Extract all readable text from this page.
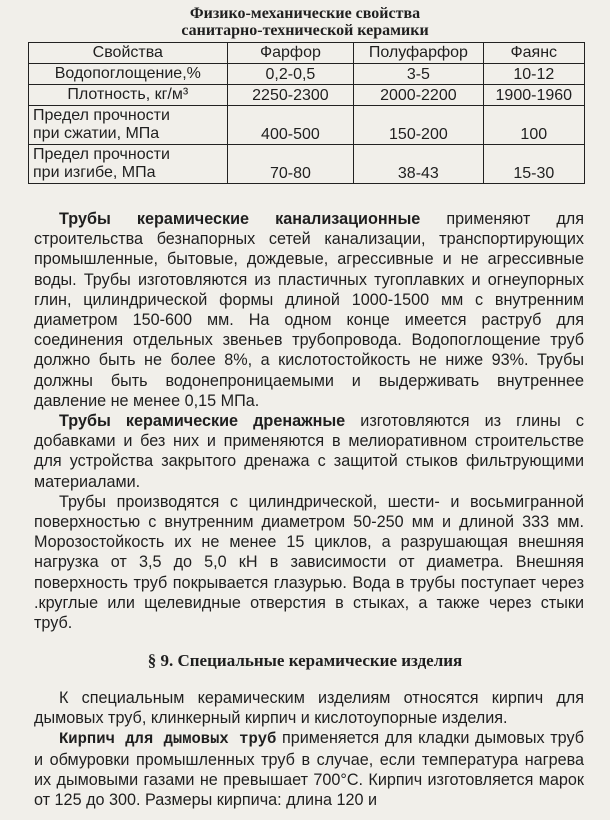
Физико-механические свойства
санитарно-технической керамики
Свойства	Фарфор	Полуфарфор	Фаянс
Водопоглощение,%	0,2-0,5	3-5	10-12
Плотность, кг/м³	2250-2300	2000-2200	1900-1960
Предел прочности
при сжатии, МПа	400-500	150-200	100
Предел прочности
при изгибе, МПа	70-80	38-43	15-30

Трубы керамические канализационные применяют для строительства безнапорных сетей канализации, транспортирующих промышленные, бытовые, дождевые, агрессивные и не агрессивные воды. Трубы изготовляются из пластичных тугоплавких и огнеупорных глин, цилиндрической формы длиной 1000-1500 мм с внутренним диаметром 150-600 мм. На одном конце имеется раструб для соединения отдельных звеньев трубопровода. Водопоглощение труб должно быть не более 8%, а кислотостойкость не ниже 93%. Трубы должны быть водонепроницаемыми и выдерживать внутреннее давление не менее 0,15 МПа.

Трубы керамические дренажные изготовляются из глины с добавками и без них и применяются в мелиоративном строительстве для устройства закрытого дренажа с защитой стыков фильтрующими материалами.

Трубы производятся с цилиндрической, шести- и восьмигранной поверхностью с внутренним диаметром 50-250 мм и длиной 333 мм. Морозостойкость их не менее 15 циклов, а разрушающая внешняя нагрузка от 3,5 до 5,0 кН в зависимости от диаметра. Внешняя поверхность труб покрывается глазурью. Вода в трубы поступает через .круглые или щелевидные отверстия в стыках, а также через стыки труб.

§ 9. Специальные керамические изделия

К специальным керамическим изделиям относятся кирпич для дымовых труб, клинкерный кирпич и кислотоупорные изделия.

Кирпич для дымовых труб применяется для кладки дымовых труб и обмуровки промышленных труб в случае, если температура нагрева их дымовыми газами не превышает 700°С. Кирпич изготовляется марок от 125 до 300. Размеры кирпича: длина 120 и
